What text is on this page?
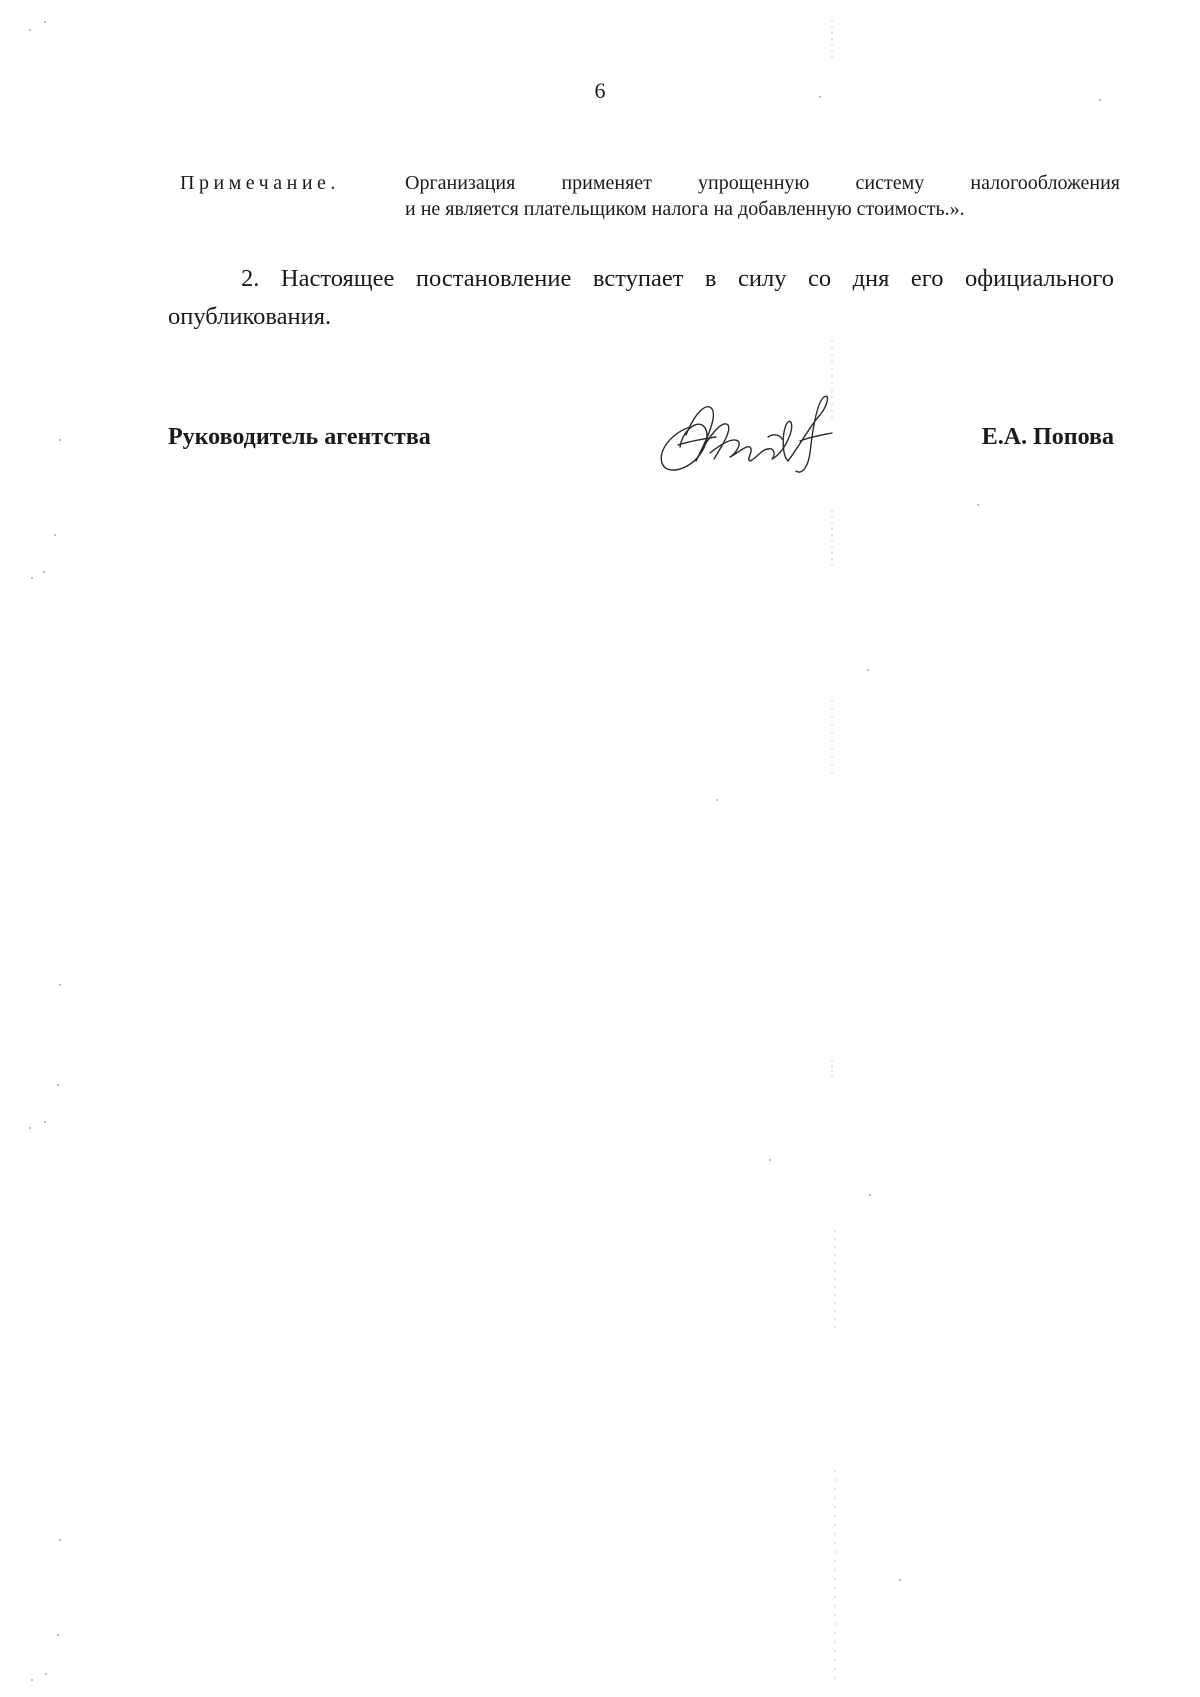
6
Примечание.	Организация применяет упрощенную систему налогообложения
и не является плательщиком налога на добавленную стоимость.».
2. Настоящее постановление вступает в силу со дня его официального
опубликования.
Руководитель агентства	Е.А. Попова
